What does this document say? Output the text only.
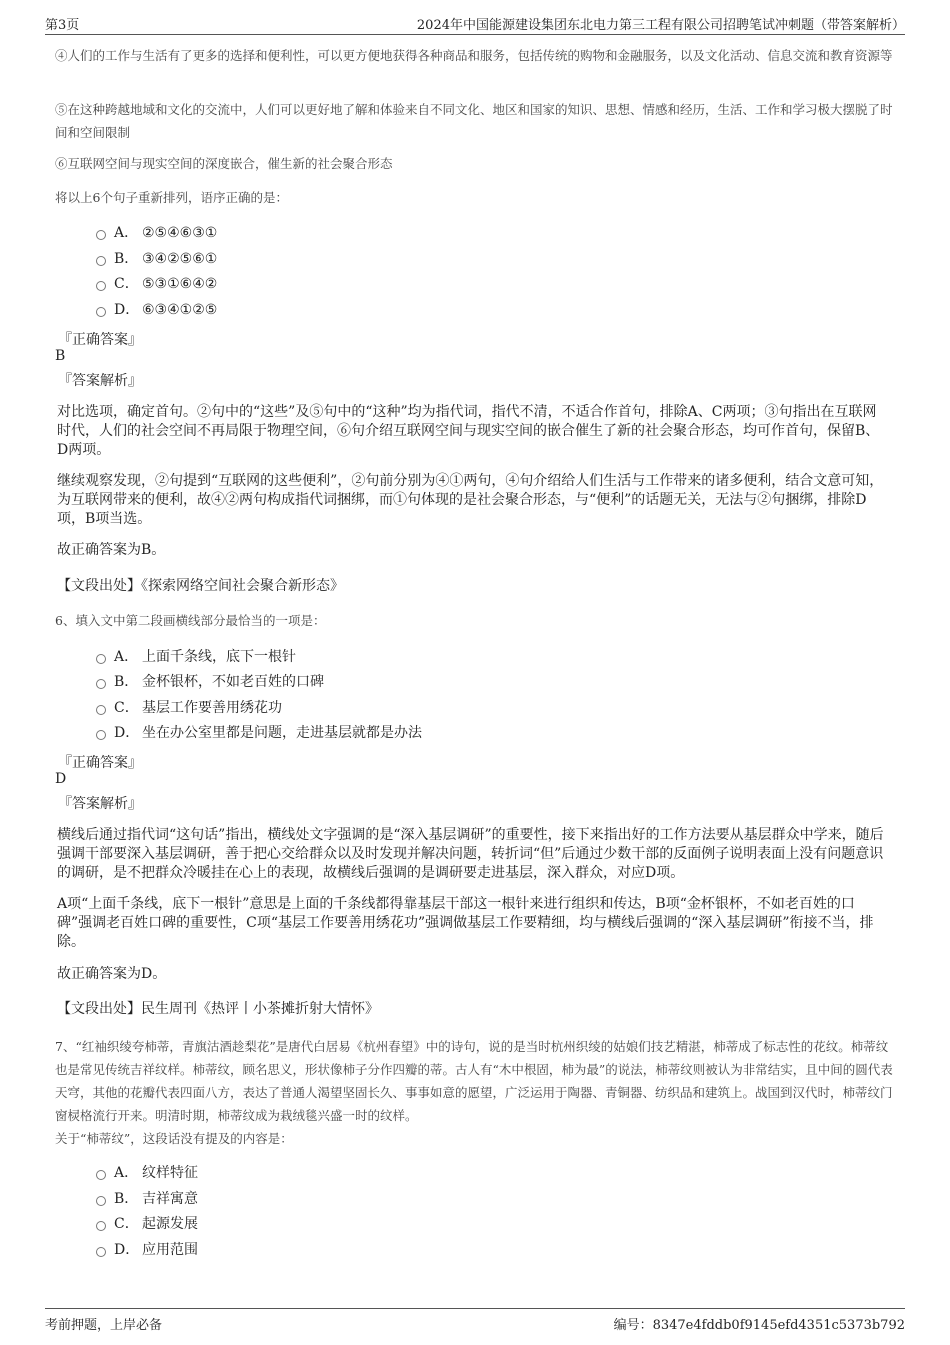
第3页	2024年中国能源建设集团东北电力第三工程有限公司招聘笔试冲刺题（带答案解析）
④人们的工作与生活有了更多的选择和便利性，可以更方便地获得各种商品和服务，包括传统的购物和金融服务，以及文化活动、信息交流和教育资源等
⑤在这种跨越地域和文化的交流中，人们可以更好地了解和体验来自不同文化、地区和国家的知识、思想、情感和经历，生活、工作和学习极大摆脱了时间和空间限制
⑥互联网空间与现实空间的深度嵌合，催生新的社会聚合形态
将以上6个句子重新排列，语序正确的是：
A． ②⑤④⑥③①
B． ③④②⑤⑥①
C． ⑤③①⑥④②
D． ⑥③④①②⑤
『正确答案』
B
『答案解析』
对比选项，确定首句。②句中的“这些”及⑤句中的“这种”均为指代词，指代不清，不适合作首句，排除A、C两项；③句指出在互联网时代，人们的社会空间不再局限于物理空间，⑥句介绍互联网空间与现实空间的嵌合催生了新的社会聚合形态，均可作首句，保留B、D两项。
继续观察发现，②句提到“互联网的这些便利”，②句前分别为④①两句，④句介绍给人们生活与工作带来的诸多便利，结合文意可知，为互联网带来的便利，故④②两句构成指代词捆绑，而①句体现的是社会聚合形态，与“便利”的话题无关，无法与②句捆绑，排除D项，B项当选。
故正确答案为B。
【文段出处】《探索网络空间社会聚合新形态》
6、填入文中第二段画横线部分最恰当的一项是：
A． 上面千条线，底下一根针
B． 金杯银杯，不如老百姓的口碑
C． 基层工作要善用绣花功
D． 坐在办公室里都是问题，走进基层就都是办法
『正确答案』
D
『答案解析』
横线后通过指代词“这句话”指出，横线处文字强调的是“深入基层调研”的重要性，接下来指出好的工作方法要从基层群众中学来，随后强调干部要深入基层调研，善于把心交给群众以及时发现并解决问题，转折词“但”后通过少数干部的反面例子说明表面上没有问题意识的调研，是不把群众冷暖挂在心上的表现，故横线后强调的是调研要走进基层，深入群众，对应D项。
A项“上面千条线，底下一根针”意思是上面的千条线都得靠基层干部这一根针来进行组织和传达，B项“金杯银杯，不如老百姓的口碑”强调老百姓口碑的重要性，C项“基层工作要善用绣花功”强调做基层工作要精细，均与横线后强调的“深入基层调研”衔接不当，排除。
故正确答案为D。
【文段出处】民生周刊《热评丨小茶摊折射大情怀》
7、“红袖织绫夸柿蒂，青旗沽酒趁梨花”是唐代白居易《杭州春望》中的诗句，说的是当时杭州织绫的姑娘们技艺精湛，柿蒂成了标志性的花纹。柿蒂纹也是常见传统吉祥纹样。柿蒂纹，顾名思义，形状像柿子分作四瓣的蒂。古人有“木中根固，柿为最”的说法，柿蒂纹则被认为非常结实，且中间的圆代表天穹，其他的花瓣代表四面八方，表达了普通人渴望坚固长久、事事如意的愿望，广泛运用于陶器、青铜器、纺织品和建筑上。战国到汉代时，柿蒂纹门窗棂格流行开来。明清时期，柿蒂纹成为栽绒毯兴盛一时的纹样。
关于“柿蒂纹”，这段话没有提及的内容是：
A． 纹样特征
B． 吉祥寓意
C． 起源发展
D． 应用范围
考前押题，上岸必备	编号：8347e4fddb0f9145efd4351c5373b792
